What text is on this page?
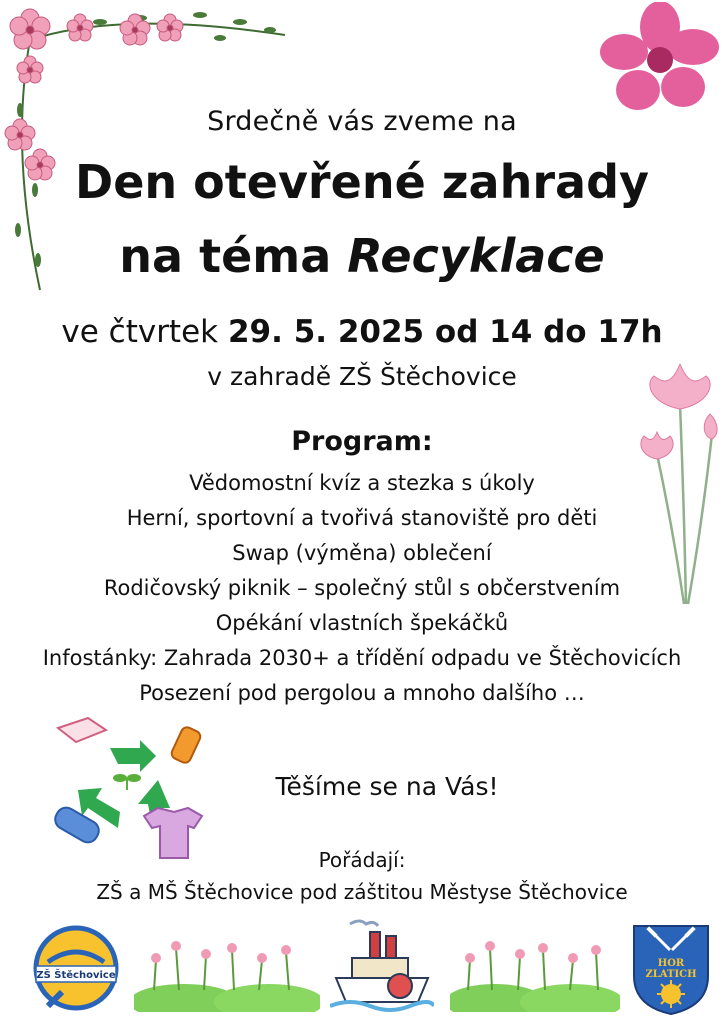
Srdečně vás zveme na
Den otevřené zahrady
na téma Recyklace
ve čtvrtek 29. 5. 2025 od 14 do 17h
v zahradě ZŠ Štěchovice
Program:
Vědomostní kvíz a stezka s úkoly
Herní, sportovní a tvořivá stanoviště pro děti
Swap (výměna) oblečení
Rodičovský piknik – společný stůl s občerstvením
Opékání vlastních špekáčků
Infostánky: Zahrada 2030+ a třídění odpadu ve Štěchovicích
Posezení pod pergolou a mnoho dalšího …
Těšíme se na Vás!
Pořádají:
ZŠ a MŠ Štěchovice pod záštitou Městyse Štěchovice
ZŠ Štěchovice
HOR
ZLATICH
